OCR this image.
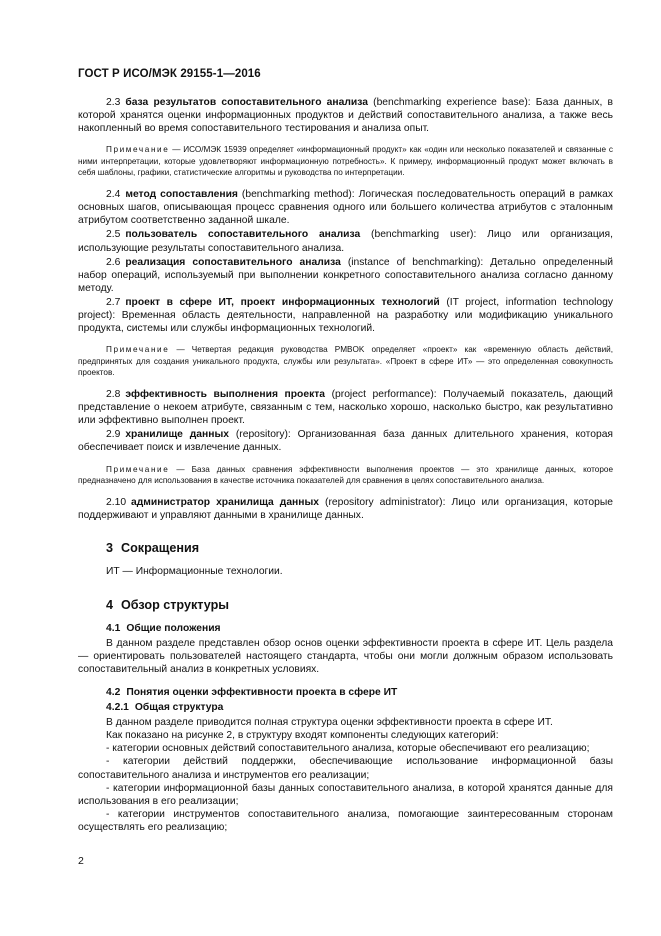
ГОСТ Р ИСО/МЭК 29155-1—2016

2.3 база результатов сопоставительного анализа (benchmarking experience base): База данных, в которой хранятся оценки информационных продуктов и действий сопоставительного анализа, а также весь накопленный во время сопоставительного тестирования и анализа опыт.

Примечание — ИСО/МЭК 15939 определяет «информационный продукт» как «один или несколько показателей и связанные с ними интерпретации, которые удовлетворяют информационную потребность». К примеру, информационный продукт может включать в себя шаблоны, графики, статистические алгоритмы и руководства по интерпретации.

2.4 метод сопоставления (benchmarking method): Логическая последовательность операций в рамках основных шагов, описывающая процесс сравнения одного или большего количества атрибутов с эталонным атрибутом соответственно заданной шкале.

2.5 пользователь сопоставительного анализа (benchmarking user): Лицо или организация, использующие результаты сопоставительного анализа.

2.6 реализация сопоставительного анализа (instance of benchmarking): Детально определенный набор операций, используемый при выполнении конкретного сопоставительного анализа согласно данному методу.

2.7 проект в сфере ИТ, проект информационных технологий (IT project, information technology project): Временная область деятельности, направленной на разработку или модификацию уникального продукта, системы или службы информационных технологий.

Примечание — Четвертая редакция руководства PMBOK определяет «проект» как «временную область действий, предпринятых для создания уникального продукта, службы или результата». «Проект в сфере ИТ» — это определенная совокупность проектов.

2.8 эффективность выполнения проекта (project performance): Получаемый показатель, дающий представление о некоем атрибуте, связанным с тем, насколько хорошо, насколько быстро, как результативно или эффективно выполнен проект.

2.9 хранилище данных (repository): Организованная база данных длительного хранения, которая обеспечивает поиск и извлечение данных.

Примечание — База данных сравнения эффективности выполнения проектов — это хранилище данных, которое предназначено для использования в качестве источника показателей для сравнения в целях сопоставительного анализа.

2.10 администратор хранилища данных (repository administrator): Лицо или организация, которые поддерживают и управляют данными в хранилище данных.

3 Сокращения

ИТ — Информационные технологии.

4 Обзор структуры
4.1 Общие положения

В данном разделе представлен обзор основ оценки эффективности проекта в сфере ИТ. Цель раздела — ориентировать пользователей настоящего стандарта, чтобы они могли должным образом использовать сопоставительный анализ в конкретных условиях.

4.2 Понятия оценки эффективности проекта в сфере ИТ
4.2.1 Общая структура

В данном разделе приводится полная структура оценки эффективности проекта в сфере ИТ.

Как показано на рисунке 2, в структуру входят компоненты следующих категорий:

- категории основных действий сопоставительного анализа, которые обеспечивают его реализацию;

- категории действий поддержки, обеспечивающие использование информационной базы сопоставительного анализа и инструментов его реализации;

- категории информационной базы данных сопоставительного анализа, в которой хранятся данные для использования в его реализации;

- категории инструментов сопоставительного анализа, помогающие заинтересованным сторонам осуществлять его реализацию;

2
